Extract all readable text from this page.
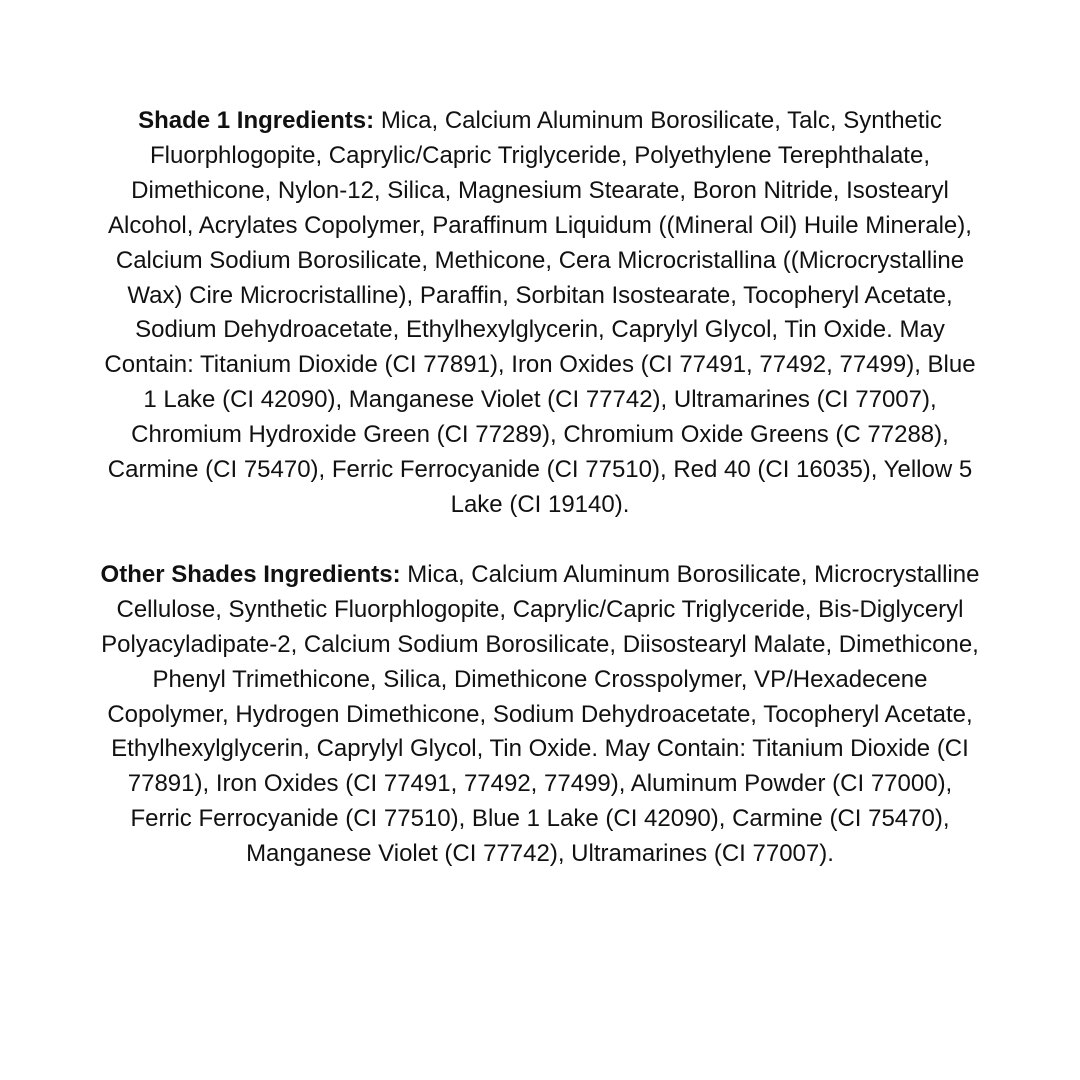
Shade 1 Ingredients: Mica, Calcium Aluminum Borosilicate, Talc, Synthetic Fluorphlogopite, Caprylic/Capric Triglyceride, Polyethylene Terephthalate, Dimethicone, Nylon-12, Silica, Magnesium Stearate, Boron Nitride, Isostearyl Alcohol, Acrylates Copolymer, Paraffinum Liquidum ((Mineral Oil) Huile Minerale), Calcium Sodium Borosilicate, Methicone, Cera Microcristallina ((Microcrystalline Wax) Cire Microcristalline), Paraffin, Sorbitan Isostearate, Tocopheryl Acetate, Sodium Dehydroacetate, Ethylhexylglycerin, Caprylyl Glycol, Tin Oxide. May Contain: Titanium Dioxide (CI 77891), Iron Oxides (CI 77491, 77492, 77499), Blue 1 Lake (CI 42090), Manganese Violet (CI 77742), Ultramarines (CI 77007), Chromium Hydroxide Green (CI 77289), Chromium Oxide Greens (C 77288), Carmine (CI 75470), Ferric Ferrocyanide (CI 77510), Red 40 (CI 16035), Yellow 5 Lake (CI 19140).

Other Shades Ingredients: Mica, Calcium Aluminum Borosilicate, Microcrystalline Cellulose, Synthetic Fluorphlogopite, Caprylic/Capric Triglyceride, Bis-Diglyceryl Polyacyladipate-2, Calcium Sodium Borosilicate, Diisostearyl Malate, Dimethicone, Phenyl Trimethicone, Silica, Dimethicone Crosspolymer, VP/Hexadecene Copolymer, Hydrogen Dimethicone, Sodium Dehydroacetate, Tocopheryl Acetate, Ethylhexylglycerin, Caprylyl Glycol, Tin Oxide. May Contain: Titanium Dioxide (CI 77891), Iron Oxides (CI 77491, 77492, 77499), Aluminum Powder (CI 77000), Ferric Ferrocyanide (CI 77510), Blue 1 Lake (CI 42090), Carmine (CI 75470), Manganese Violet (CI 77742), Ultramarines (CI 77007).
